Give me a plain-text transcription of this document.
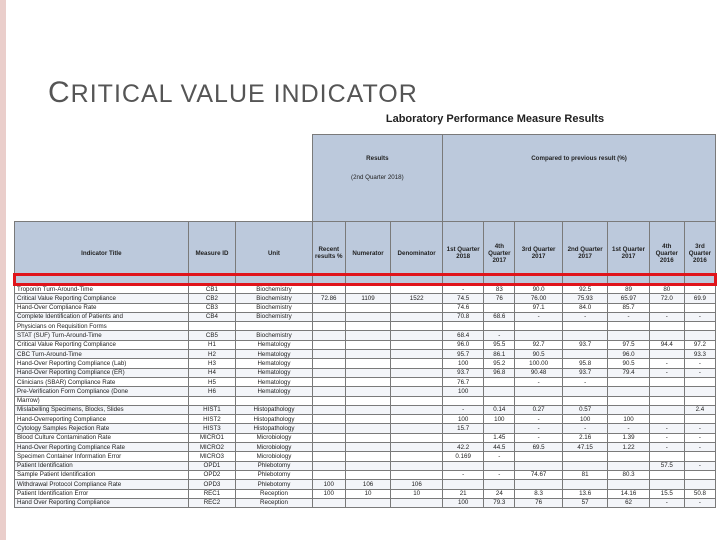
CRITICAL VALUE INDICATOR
Laboratory Performance Measure Results
			Results
(2nd Quarter 2018)			Compared to previous result (%)						
Indicator Title	Measure ID	Unit	Recent results %	Numerator	Denominator	1st Quarter 2018	4th Quarter 2017	3rd Quarter 2017	2nd Quarter 2017	1st Quarter 2017	4th Quarter 2016	3rd Quarter 2016
Troponin Turn-Around-Time	CB1	Biochemistry				-	83	90.0	92.5	89	80	-
Critical Value Reporting Compliance	CB2	Biochemistry	72.86	1109	1522	74.5	76	76.00	75.93	65.97	72.0	69.9
Hand-Over Compliance Rate	CB3	Biochemistry				74.6		97.1	84.0	85.7		
Complete Identification of Patients and	CB4	Biochemistry				70.8	68.6	-	-	-	-	-
Physicians on Requisition Forms												
STAT (SUF) Turn-Around-Time	CB5	Biochemistry				68.4	-					
Critical Value Reporting Compliance	H1	Hematology				96.0	95.5	92.7	93.7	97.5	94.4	97.2
CBC Turn-Around-Time	H2	Hematology				95.7	86.1	90.5		96.0		93.3
Hand-Over Reporting Compliance (Lab)	H3	Hematology				100	95.2	100.00	95.8	90.5	-	-
Hand-Over Reporting Compliance (ER)	H4	Hematology				93.7	96.8	90.48	93.7	79.4	-	-
Clinicians (SBAR) Compliance Rate	H5	Hematology				76.7		-	-			
Pre-Verification Form Compliance (Done	H6	Hematology				100						
Marrow)												
Mislabelling Specimens, Blocks, Slides	HIST1	Histopathology				-	0.14	0.27	0.57			2.4
Hand-Overreporting Compliance	HIST2	Histopathology				100	100	-	100	100		
Cytology Samples Rejection Rate	HIST3	Histopathology				15.7		-	-	-	-	-
Blood Culture Contamination Rate	MICRO1	Microbiology					1.45	-	2.16	1.39	-	-
Hand-Over Reporting Compliance Rate	MICRO2	Microbiology				42.2	44.5	69.5	47.15	1.22	-	-
Specimen Container Information Error	MICRO3	Microbiology				0.169	-					
Patient Identification	OPD1	Phlebotomy									57.5	-
Sample Patient Identification	OPD2	Phlebotomy				-	-	74.67	81	80.3		
Withdrawal Protocol Compliance Rate	OPD3	Phlebotomy	100	106	106							
Patient Identification Error	REC1	Reception	100	10	10	21	24	8.3	13.6	14.16	15.5	50.8
Hand Over Reporting Compliance	REC2	Reception				100	79.3	76	57	62	-	-
